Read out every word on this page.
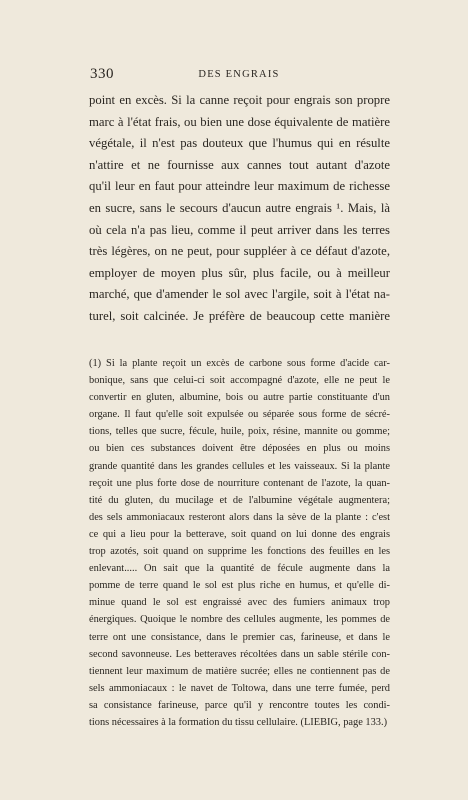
330	DES ENGRAIS

point en excès. Si la canne reçoit pour engrais son propre
marc à l'état frais, ou bien une dose équivalente de matière
végétale, il n'est pas douteux que l'humus qui en résulte
n'attire et ne fournisse aux cannes tout autant d'azote
qu'il leur en faut pour atteindre leur maximum de richesse
en sucre, sans le secours d'aucun autre engrais ¹. Mais, là
où cela n'a pas lieu, comme il peut arriver dans les terres
très légères, on ne peut, pour suppléer à ce défaut d'azote,
employer de moyen plus sûr, plus facile, ou à meilleur
marché, que d'amender le sol avec l'argile, soit à l'état na-
turel, soit calcinée. Je préfère de beaucoup cette manière

(1) Si la plante reçoit un excès de carbone sous forme d'acide car-
bonique, sans que celui-ci soit accompagné d'azote, elle ne peut le
convertir en gluten, albumine, bois ou autre partie constituante d'un
organe. Il faut qu'elle soit expulsée ou séparée sous forme de sécré-
tions, telles que sucre, fécule, huile, poix, résine, mannite ou gomme;
ou bien ces substances doivent être déposées en plus ou moins
grande quantité dans les grandes cellules et les vaisseaux. Si la plante
reçoit une plus forte dose de nourriture contenant de l'azote, la quan-
tité du gluten, du mucilage et de l'albumine végétale augmentera;
des sels ammoniacaux resteront alors dans la sève de la plante : c'est
ce qui a lieu pour la betterave, soit quand on lui donne des engrais
trop azotés, soit quand on supprime les fonctions des feuilles en les
enlevant..... On sait que la quantité de fécule augmente dans la
pomme de terre quand le sol est plus riche en humus, et qu'elle di-
minue quand le sol est engraissé avec des fumiers animaux trop
énergiques. Quoique le nombre des cellules augmente, les pommes de
terre ont une consistance, dans le premier cas, farineuse, et dans le
second savonneuse. Les betteraves récoltées dans un sable stérile con-
tiennent leur maximum de matière sucrée; elles ne contiennent pas de
sels ammoniacaux : le navet de Toltowa, dans une terre fumée, perd
sa consistance farineuse, parce qu'il y rencontre toutes les condi-
tions nécessaires à la formation du tissu cellulaire. (LIEBIG, page 133.)
